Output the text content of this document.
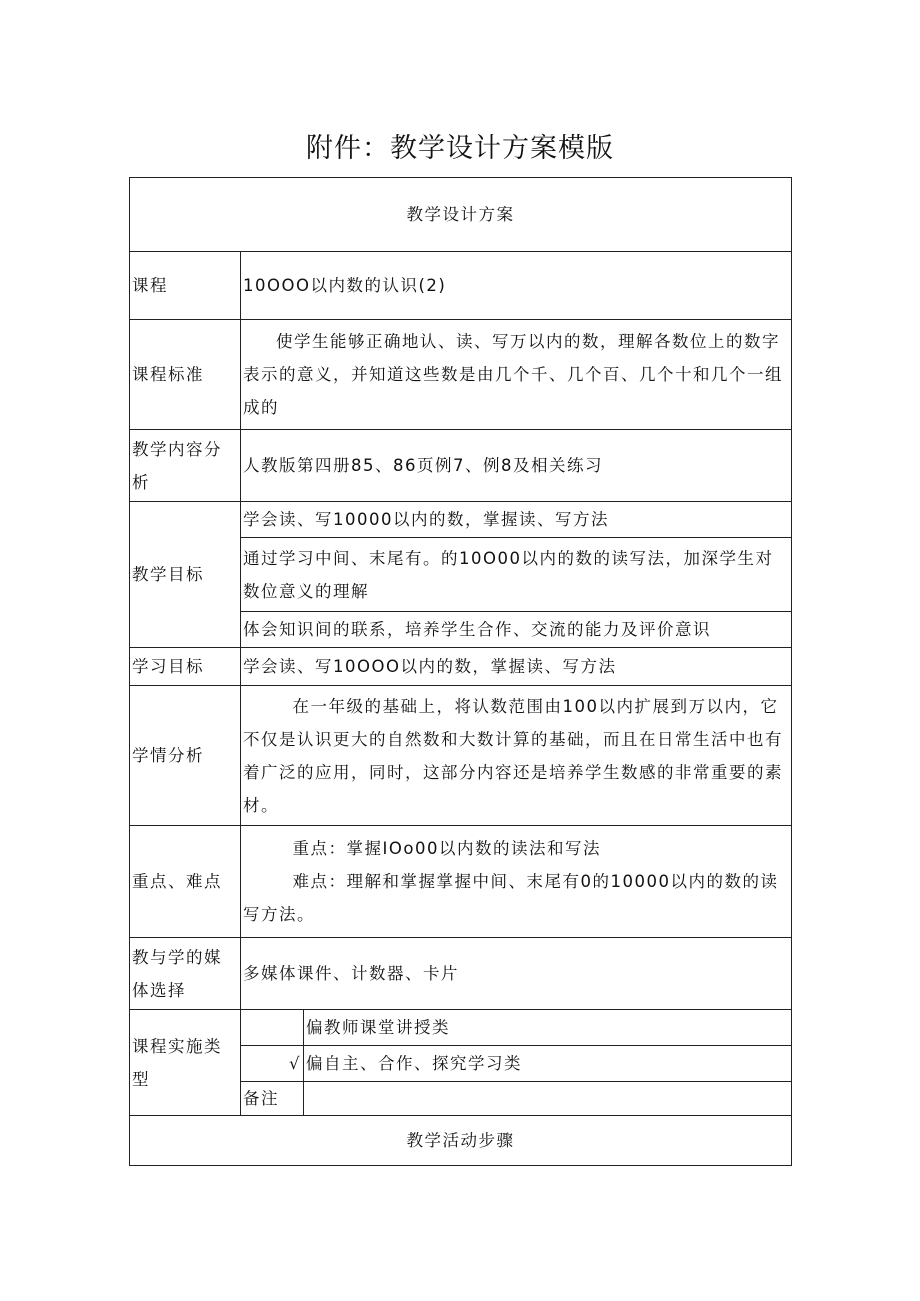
附件：教学设计方案模版
教学设计方案		
课程	10OOO以内数的认识(2)	
课程标准	使学生能够正确地认、读、写万以内的数，理解各数位上的数字表示的意义，并知道这些数是由几个千、几个百、几个十和几个一组成的	

教学内容分析	人教版第四册85、86页例7、例8及相关练习	
教学目标	学会读、写10000以内的数，掌握读、写方法	
	通过学习中间、末尾有。的10O00以内的数的读写法，加深学生对数位意义的理解	
	体会知识间的联系，培养学生合作、交流的能力及评价意识	
学习目标	学会读、写10OOO以内的数，掌握读、写方法	
学情分析	在一年级的基础上，将认数范围由100以内扩展到万以内，它不仅是认识更大的自然数和大数计算的基础，而且在日常生活中也有着广泛的应用，同时，这部分内容还是培养学生数感的非常重要的素材。	

重点、难点	重点：掌握IOo00以内数的读法和写法
难点：理解和掌握掌握中间、末尾有0的10000以内的数的读写方法。	

教与学的媒体选择	多媒体课件、计数器、卡片	
课程实施类型		偏教师课堂讲授类
	√	偏自主、合作、探究学习类
	备注	
教学活动步骤		
